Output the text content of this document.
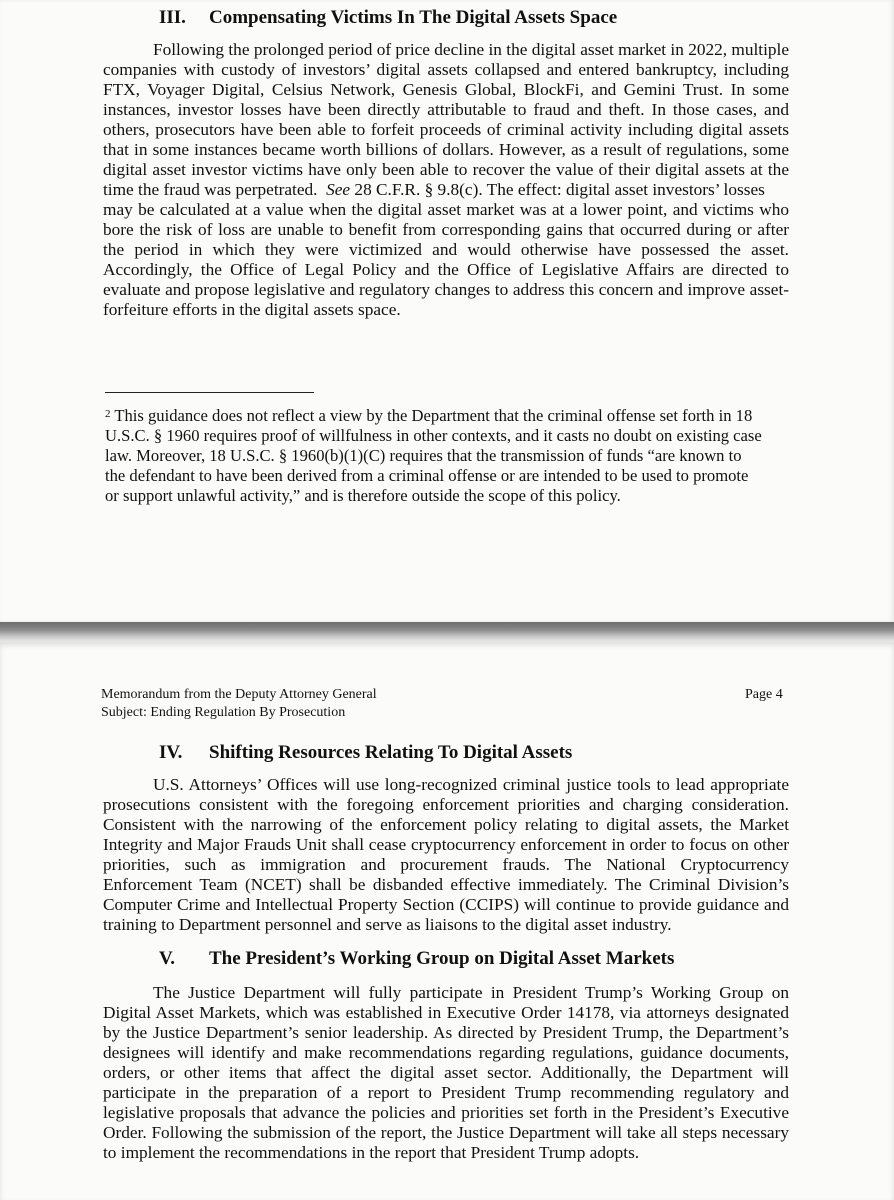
III. Compensating Victims In The Digital Assets Space
Following the prolonged period of price decline in the digital asset market in 2022, multiple
companies with custody of investors’ digital assets collapsed and entered bankruptcy, including
FTX, Voyager Digital, Celsius Network, Genesis Global, BlockFi, and Gemini Trust. In some
instances, investor losses have been directly attributable to fraud and theft. In those cases, and
others, prosecutors have been able to forfeit proceeds of criminal activity including digital assets
that in some instances became worth billions of dollars. However, as a result of regulations, some
digital asset investor victims have only been able to recover the value of their digital assets at the
time the fraud was perpetrated. See 28 C.F.R. § 9.8(c). The effect: digital asset investors’ losses
may be calculated at a value when the digital asset market was at a lower point, and victims who
bore the risk of loss are unable to benefit from corresponding gains that occurred during or after
the period in which they were victimized and would otherwise have possessed the asset.
Accordingly, the Office of Legal Policy and the Office of Legislative Affairs are directed to
evaluate and propose legislative and regulatory changes to address this concern and improve asset-
forfeiture efforts in the digital assets space.
$^2$ This guidance does not reflect a view by the Department that the criminal offense set forth in 18
U.S.C. § 1960 requires proof of willfulness in other contexts, and it casts no doubt on existing case
law. Moreover, 18 U.S.C. § 1960(b)(1)(C) requires that the transmission of funds “are known to
the defendant to have been derived from a criminal offense or are intended to be used to promote
or support unlawful activity,” and is therefore outside the scope of this policy.
Memorandum from the Deputy Attorney General
Subject: Ending Regulation By Prosecution
Page 4
IV. Shifting Resources Relating To Digital Assets
U.S. Attorneys’ Offices will use long-recognized criminal justice tools to lead appropriate
prosecutions consistent with the foregoing enforcement priorities and charging consideration.
Consistent with the narrowing of the enforcement policy relating to digital assets, the Market
Integrity and Major Frauds Unit shall cease cryptocurrency enforcement in order to focus on other
priorities, such as immigration and procurement frauds. The National Cryptocurrency
Enforcement Team (NCET) shall be disbanded effective immediately. The Criminal Division’s
Computer Crime and Intellectual Property Section (CCIPS) will continue to provide guidance and
training to Department personnel and serve as liaisons to the digital asset industry.
V. The President’s Working Group on Digital Asset Markets
The Justice Department will fully participate in President Trump’s Working Group on
Digital Asset Markets, which was established in Executive Order 14178, via attorneys designated
by the Justice Department’s senior leadership. As directed by President Trump, the Department’s
designees will identify and make recommendations regarding regulations, guidance documents,
orders, or other items that affect the digital asset sector. Additionally, the Department will
participate in the preparation of a report to President Trump recommending regulatory and
legislative proposals that advance the policies and priorities set forth in the President’s Executive
Order. Following the submission of the report, the Justice Department will take all steps necessary
to implement the recommendations in the report that President Trump adopts.
